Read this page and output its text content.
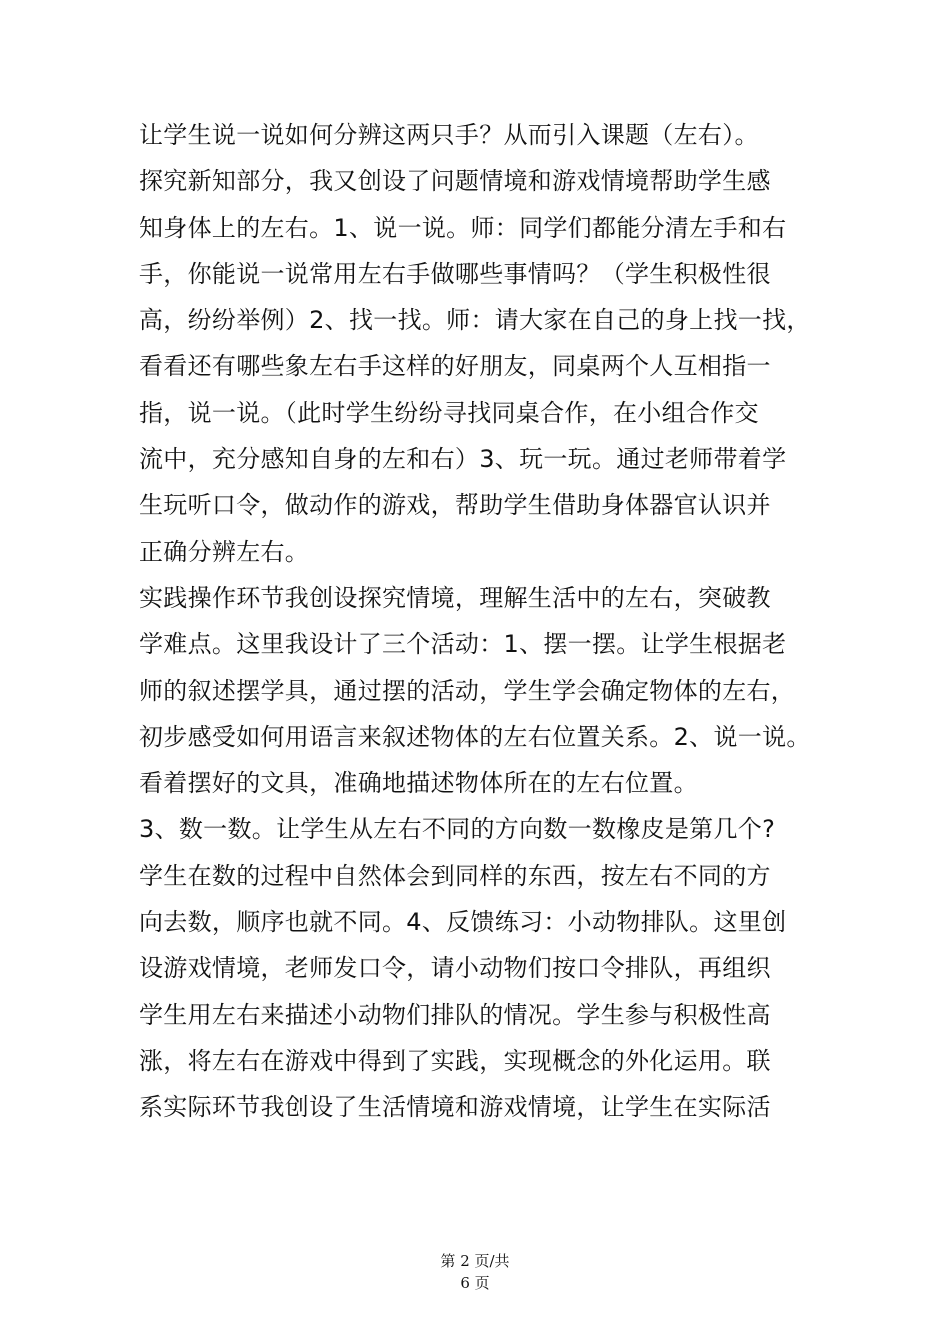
让学生说一说如何分辨这两只手？从而引入课题（左右）。
探究新知部分，我又创设了问题情境和游戏情境帮助学生感
知身体上的左右。1、说一说。师：同学们都能分清左手和右
手，你能说一说常用左右手做哪些事情吗？（学生积极性很
高，纷纷举例）2、找一找。师：请大家在自己的身上找一找，
看看还有哪些象左右手这样的好朋友，同桌两个人互相指一
指，说一说。（此时学生纷纷寻找同桌合作，在小组合作交
流中，充分感知自身的左和右）3、玩一玩。通过老师带着学
生玩听口令，做动作的游戏，帮助学生借助身体器官认识并
正确分辨左右。
实践操作环节我创设探究情境，理解生活中的左右，突破教
学难点。这里我设计了三个活动：1、摆一摆。让学生根据老
师的叙述摆学具，通过摆的活动，学生学会确定物体的左右，
初步感受如何用语言来叙述物体的左右位置关系。2、说一说。
看着摆好的文具，准确地描述物体所在的左右位置。
3、数一数。让学生从左右不同的方向数一数橡皮是第几个?
学生在数的过程中自然体会到同样的东西，按左右不同的方
向去数，顺序也就不同。4、反馈练习：小动物排队。这里创
设游戏情境，老师发口令，请小动物们按口令排队，再组织
学生用左右来描述小动物们排队的情况。学生参与积极性高
涨，将左右在游戏中得到了实践，实现概念的外化运用。联
系实际环节我创设了生活情境和游戏情境，让学生在实际活
第 2 页/共
6 页
